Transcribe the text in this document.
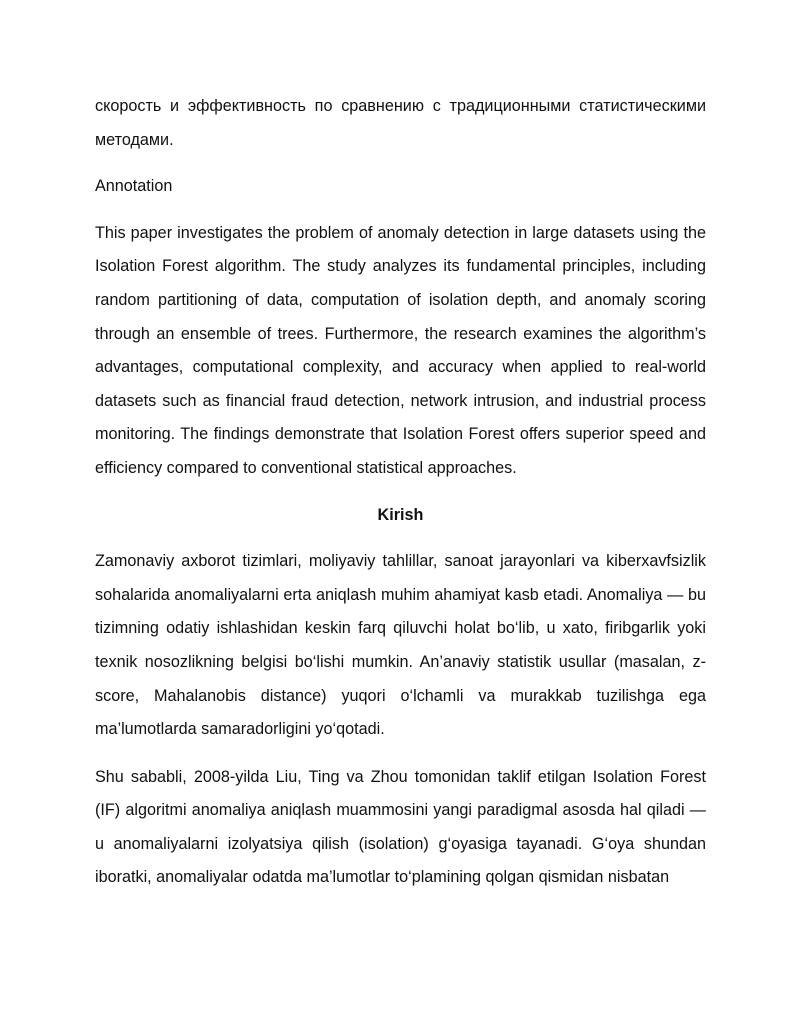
скорость и эффективность по сравнению с традиционными статистическими методами.

Annotation

This paper investigates the problem of anomaly detection in large datasets using the Isolation Forest algorithm. The study analyzes its fundamental principles, including random partitioning of data, computation of isolation depth, and anomaly scoring through an ensemble of trees. Furthermore, the research examines the algorithm’s advantages, computational complexity, and accuracy when applied to real-world datasets such as financial fraud detection, network intrusion, and industrial process monitoring. The findings demonstrate that Isolation Forest offers superior speed and efficiency compared to conventional statistical approaches.

Kirish

Zamonaviy axborot tizimlari, moliyaviy tahlillar, sanoat jarayonlari va kiberxavfsizlik sohalarida anomaliyalarni erta aniqlash muhim ahamiyat kasb etadi. Anomaliya — bu tizimning odatiy ishlashidan keskin farq qiluvchi holat bo‘lib, u xato, firibgarlik yoki texnik nosozlikning belgisi bo‘lishi mumkin. An’anaviy statistik usullar (masalan, z-score, Mahalanobis distance) yuqori o‘lchamli va murakkab tuzilishga ega ma’lumotlarda samaradorligini yo‘qotadi.

Shu sababli, 2008-yilda Liu, Ting va Zhou tomonidan taklif etilgan Isolation Forest (IF) algoritmi anomaliya aniqlash muammosini yangi paradigmal asosda hal qiladi — u anomaliyalarni izolyatsiya qilish (isolation) g‘oyasiga tayanadi. G‘oya shundan iboratki, anomaliyalar odatda ma’lumotlar to‘plamining qolgan qismidan nisbatan
